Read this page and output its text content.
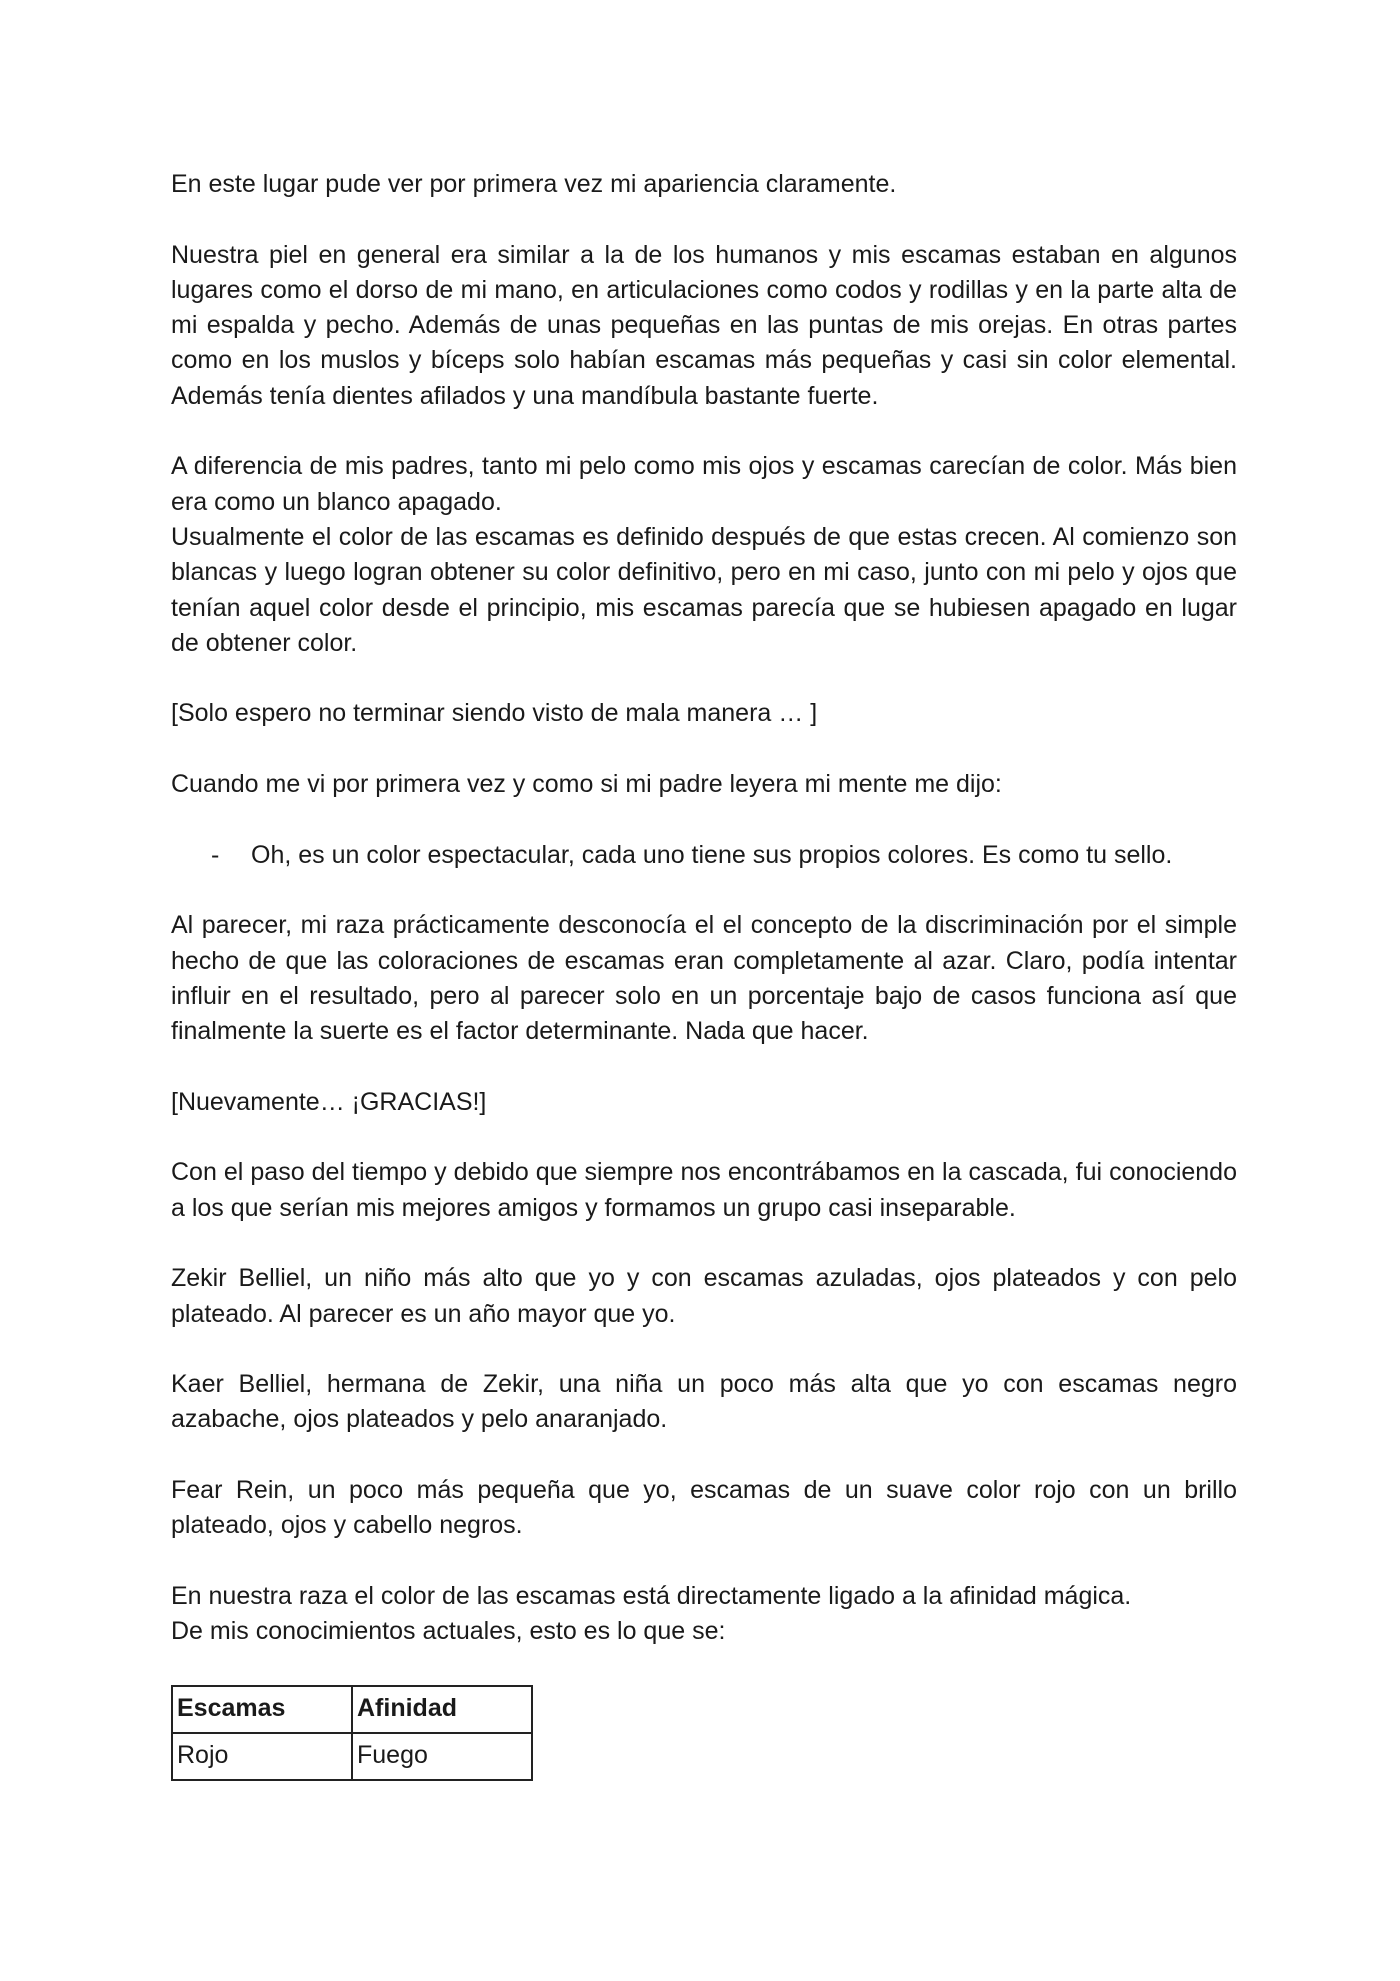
En este lugar pude ver por primera vez mi apariencia claramente.

Nuestra piel en general era similar a la de los humanos y mis escamas estaban en algunos lugares como el dorso de mi mano, en articulaciones como codos y rodillas y en la parte alta de mi espalda y pecho. Además de unas pequeñas en las puntas de mis orejas. En otras partes como en los muslos y bíceps solo habían escamas más pequeñas y casi sin color elemental. Además tenía dientes afilados y una mandíbula bastante fuerte.

A diferencia de mis padres, tanto mi pelo como mis ojos y escamas carecían de color. Más bien era como un blanco apagado.

Usualmente el color de las escamas es definido después de que estas crecen. Al comienzo son blancas y luego logran obtener su color definitivo, pero en mi caso, junto con mi pelo y ojos que tenían aquel color desde el principio, mis escamas parecía que se hubiesen apagado en lugar de obtener color.

[Solo espero no terminar siendo visto de mala manera … ]

Cuando me vi por primera vez y como si mi padre leyera mi mente me dijo:

-	Oh, es un color espectacular, cada uno tiene sus propios colores. Es como tu sello.

Al parecer, mi raza prácticamente desconocía el el concepto de la discriminación por el simple hecho de que las coloraciones de escamas eran completamente al azar. Claro, podía intentar influir en el resultado, pero al parecer solo en un porcentaje bajo de casos funciona así que finalmente la suerte es el factor determinante. Nada que hacer.

[Nuevamente… ¡GRACIAS!]

Con el paso del tiempo y debido que siempre nos encontrábamos en la cascada, fui conociendo a los que serían mis mejores amigos y formamos un grupo casi inseparable.

Zekir Belliel, un niño más alto que yo y con escamas azuladas, ojos plateados y con pelo plateado. Al parecer es un año mayor que yo.

Kaer Belliel, hermana de Zekir, una niña un poco más alta que yo con escamas negro azabache, ojos plateados y pelo anaranjado.

Fear Rein, un poco más pequeña que yo, escamas de un suave color rojo con un brillo plateado, ojos y cabello negros.

En nuestra raza el color de las escamas está directamente ligado a la afinidad mágica.

De mis conocimientos actuales, esto es lo que se:

Escamas	Afinidad
Rojo	Fuego
